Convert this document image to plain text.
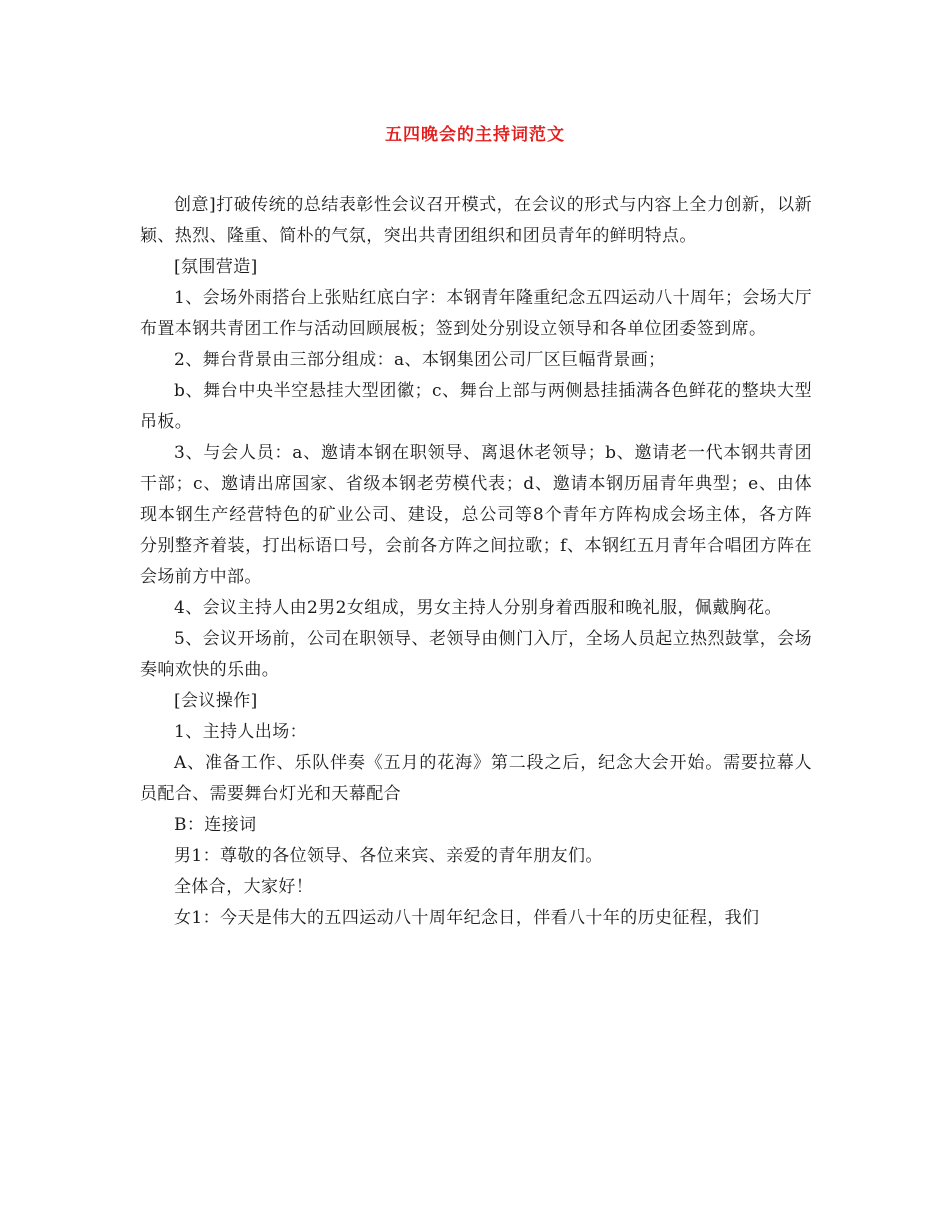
五四晚会的主持词范文

创意]打破传统的总结表彰性会议召开模式，在会议的形式与内容上全力创新，以新颖、热烈、隆重、简朴的气氛，突出共青团组织和团员青年的鲜明特点。

[氛围营造]

1、会场外雨搭台上张贴红底白字：本钢青年隆重纪念五四运动八十周年；会场大厅布置本钢共青团工作与活动回顾展板；签到处分别设立领导和各单位团委签到席。

2、舞台背景由三部分组成：a、本钢集团公司厂区巨幅背景画；

b、舞台中央半空悬挂大型团徽；c、舞台上部与两侧悬挂插满各色鲜花的整块大型吊板。

3、与会人员：a、邀请本钢在职领导、离退休老领导；b、邀请老一代本钢共青团干部；c、邀请出席国家、省级本钢老劳模代表；d、邀请本钢历届青年典型；e、由体现本钢生产经营特色的矿业公司、建设，总公司等8个青年方阵构成会场主体，各方阵分别整齐着装，打出标语口号，会前各方阵之间拉歌；f、本钢红五月青年合唱团方阵在会场前方中部。

4、会议主持人由2男2女组成，男女主持人分别身着西服和晚礼服，佩戴胸花。

5、会议开场前，公司在职领导、老领导由侧门入厅，全场人员起立热烈鼓掌，会场奏响欢快的乐曲。

[会议操作]

1、主持人出场：

A、准备工作、乐队伴奏《五月的花海》第二段之后，纪念大会开始。需要拉幕人员配合、需要舞台灯光和天幕配合

B：连接词

男1：尊敬的各位领导、各位来宾、亲爱的青年朋友们。

全体合，大家好！

女1：今天是伟大的五四运动八十周年纪念日，伴看八十年的历史征程，我们
